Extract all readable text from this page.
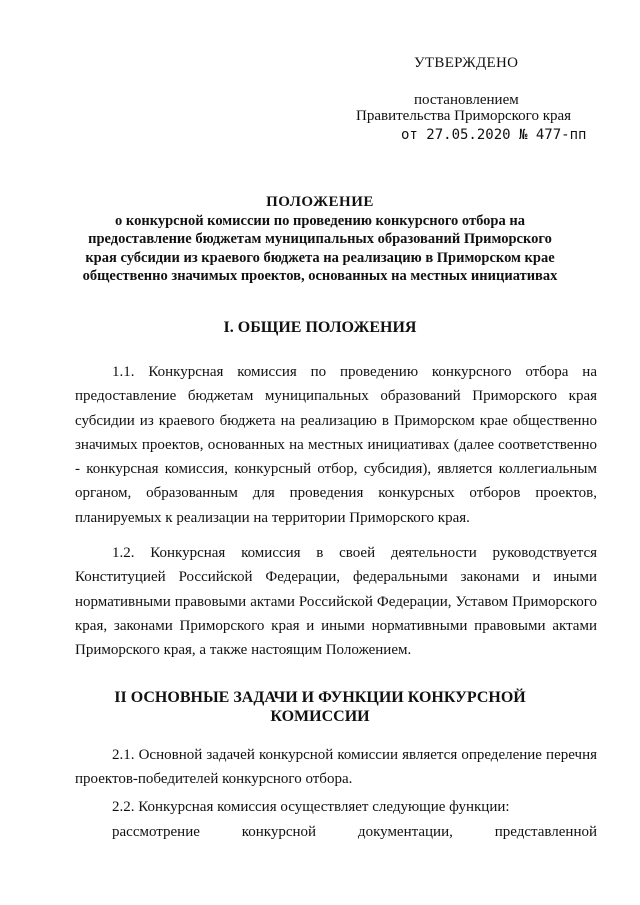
УТВЕРЖДЕНО
постановлением
Правительства Приморского края
от 27.05.2020 № 477-пп
ПОЛОЖЕНИЕ
о конкурсной комиссии по проведению конкурсного отбора на
предоставление бюджетам муниципальных образований Приморского
края субсидии из краевого бюджета на реализацию в Приморском крае
общественно значимых проектов, основанных на местных инициативах
I. ОБЩИЕ ПОЛОЖЕНИЯ
1.1. Конкурсная комиссия по проведению конкурсного отбора на предоставление бюджетам муниципальных образований Приморского края субсидии из краевого бюджета на реализацию в Приморском крае общественно значимых проектов, основанных на местных инициативах (далее соответственно - конкурсная комиссия, конкурсный отбор, субсидия), является коллегиальным органом, образованным для проведения конкурсных отборов проектов, планируемых к реализации на территории Приморского края.
1.2. Конкурсная комиссия в своей деятельности руководствуется Конституцией Российской Федерации, федеральными законами и иными нормативными правовыми актами Российской Федерации, Уставом Приморского края, законами Приморского края и иными нормативными правовыми актами Приморского края, а также настоящим Положением.
II ОСНОВНЫЕ ЗАДАЧИ И ФУНКЦИИ КОНКУРСНОЙ
КОМИССИИ
2.1. Основной задачей конкурсной комиссии является определение перечня проектов-победителей конкурсного отбора.
2.2. Конкурсная комиссия осуществляет следующие функции:
рассмотрение конкурсной документации, представленной
